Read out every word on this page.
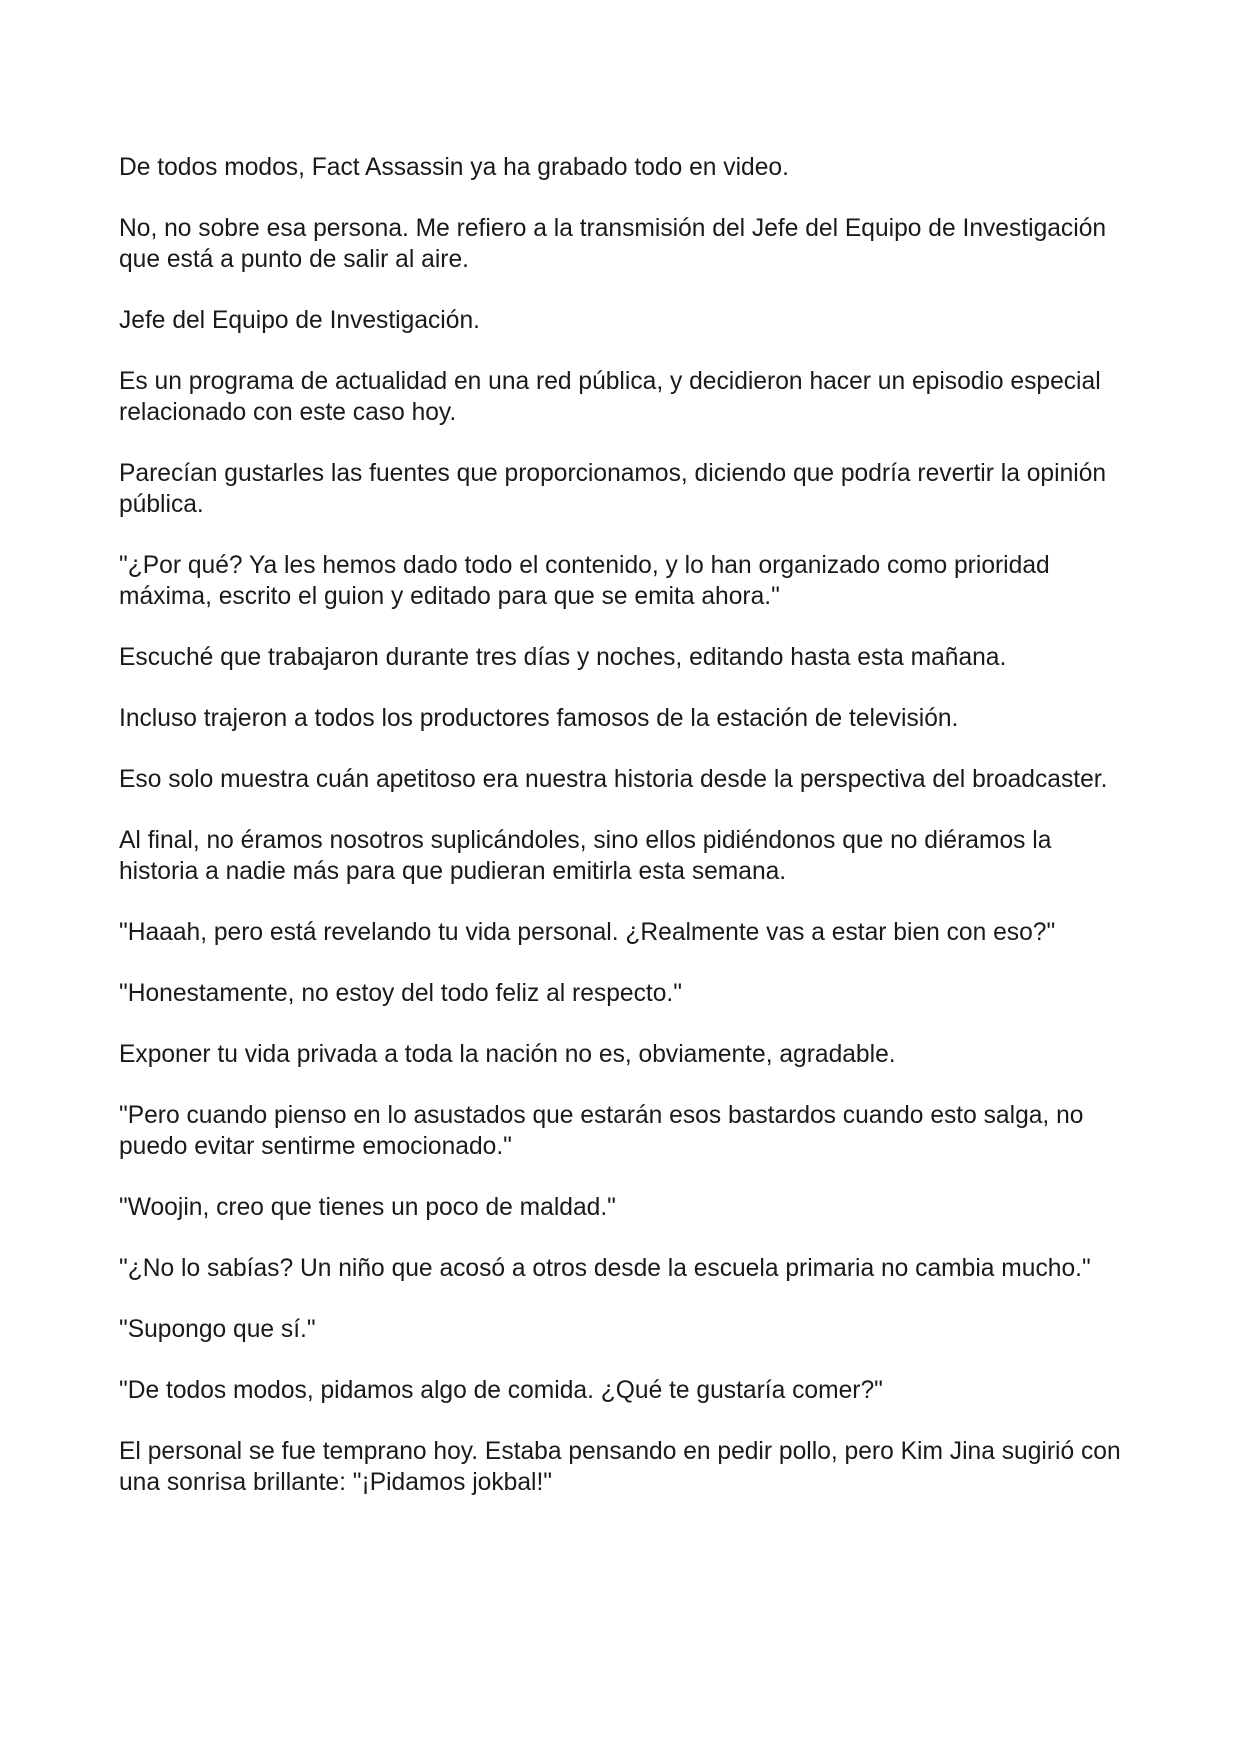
De todos modos, Fact Assassin ya ha grabado todo en video.

No, no sobre esa persona. Me refiero a la transmisión del Jefe del Equipo de Investigación que está a punto de salir al aire.

Jefe del Equipo de Investigación.

Es un programa de actualidad en una red pública, y decidieron hacer un episodio especial relacionado con este caso hoy.

Parecían gustarles las fuentes que proporcionamos, diciendo que podría revertir la opinión pública.

"¿Por qué? Ya les hemos dado todo el contenido, y lo han organizado como prioridad máxima, escrito el guion y editado para que se emita ahora."

Escuché que trabajaron durante tres días y noches, editando hasta esta mañana.

Incluso trajeron a todos los productores famosos de la estación de televisión.

Eso solo muestra cuán apetitoso era nuestra historia desde la perspectiva del broadcaster.

Al final, no éramos nosotros suplicándoles, sino ellos pidiéndonos que no diéramos la historia a nadie más para que pudieran emitirla esta semana.

"Haaah, pero está revelando tu vida personal. ¿Realmente vas a estar bien con eso?"

"Honestamente, no estoy del todo feliz al respecto."

Exponer tu vida privada a toda la nación no es, obviamente, agradable.

"Pero cuando pienso en lo asustados que estarán esos bastardos cuando esto salga, no puedo evitar sentirme emocionado."

"Woojin, creo que tienes un poco de maldad."

"¿No lo sabías? Un niño que acosó a otros desde la escuela primaria no cambia mucho."

"Supongo que sí."

"De todos modos, pidamos algo de comida. ¿Qué te gustaría comer?"

El personal se fue temprano hoy. Estaba pensando en pedir pollo, pero Kim Jina sugirió con una sonrisa brillante: "¡Pidamos jokbal!"
